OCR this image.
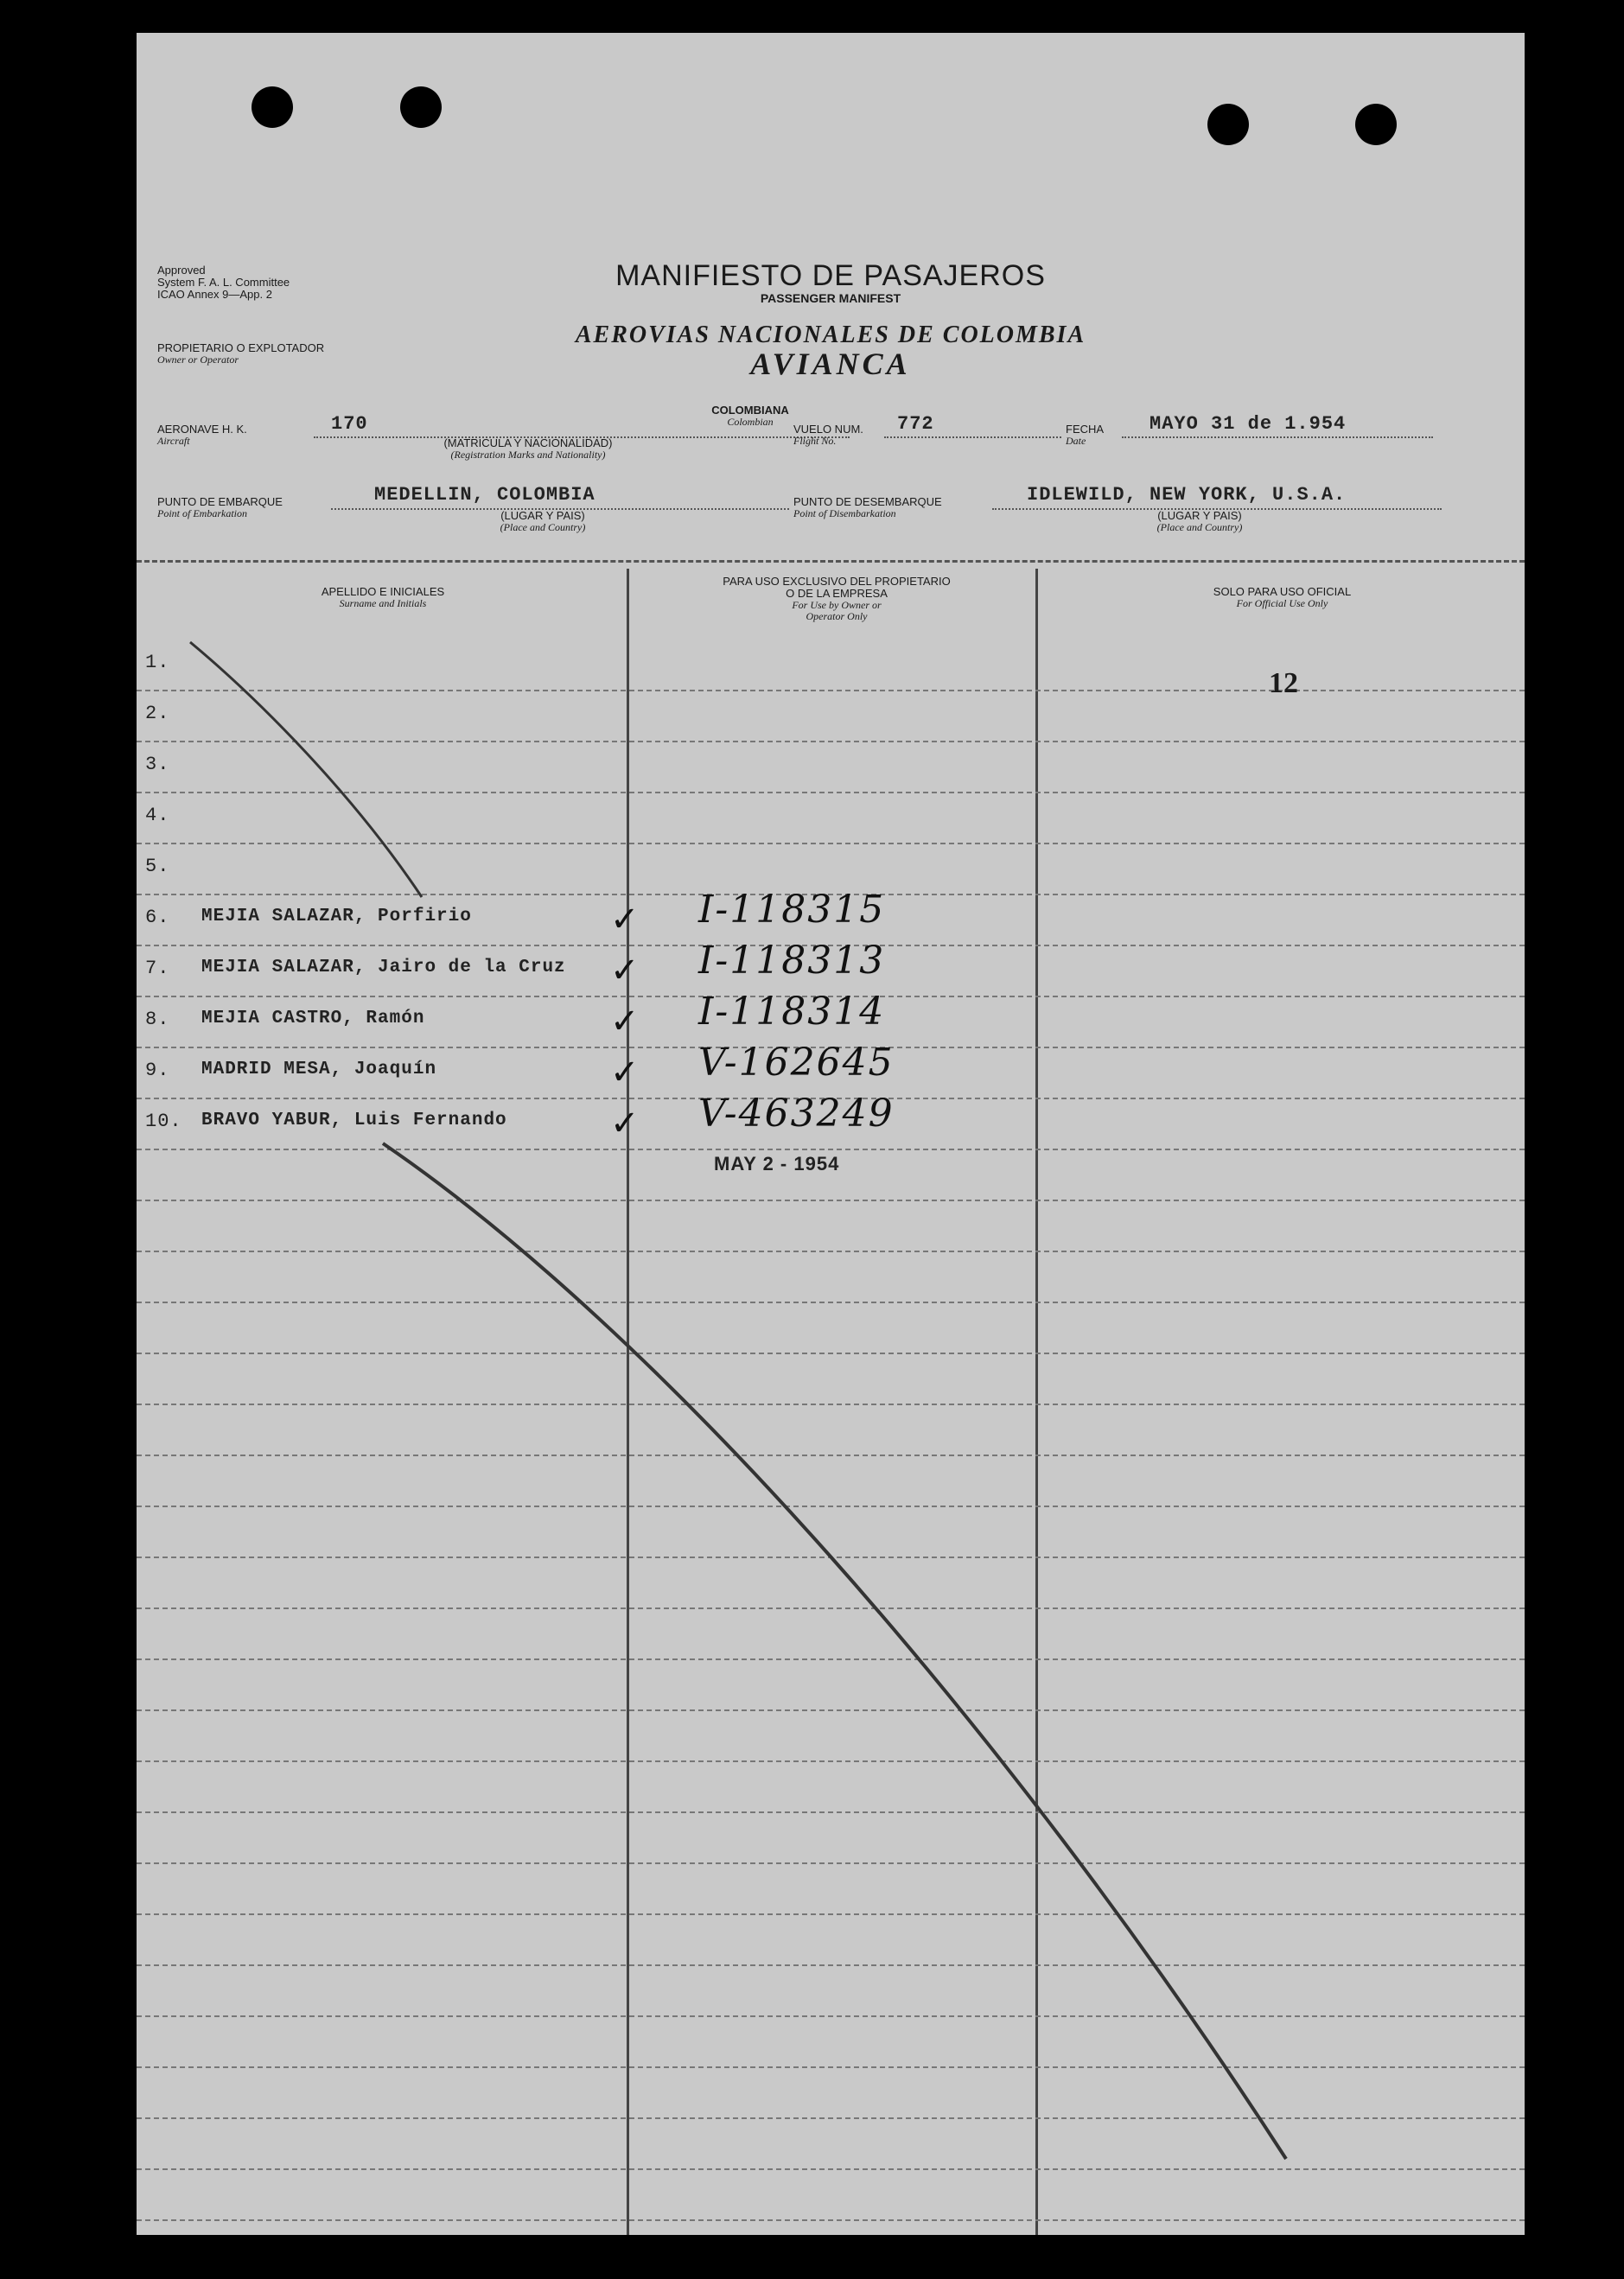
Approved
System F. A. L. Committee
ICAO Annex 9—App. 2
MANIFIESTO DE PASAJEROS
PASSENGER MANIFEST
PROPIETARIO O EXPLOTADOR
Owner or Operator
AEROVIAS NACIONALES DE COLOMBIA
AVIANCA
AERONAVE H. K.
Aircraft
170
COLOMBIANA
Colombian
(MATRICULA Y NACIONALIDAD)
(Registration Marks and Nationality)
VUELO NUM.
Flight No.
772	FECHA
Date
MAYO 31 de 1.954
PUNTO DE EMBARQUE
Point of Embarkation
MEDELLIN, COLOMBIA
(LUGAR Y PAIS)
(Place and Country)
PUNTO DE DESEMBARQUE
Point of Disembarkation
IDLEWILD, NEW YORK, U.S.A.
(LUGAR Y PAIS)
(Place and Country)
APELLIDO E INICIALES
Surname and Initials
PARA USO EXCLUSIVO DEL PROPIETARIO
O DE LA EMPRESA
For Use by Owner or
Operator Only
SOLO PARA USO OFICIAL
For Official Use Only
1.
2.
3.
4.
5.
6. MEJIA SALAZAR, Porfirio	✓ I-118315
7. MEJIA SALAZAR, Jairo de la Cruz ✓ I-118313
8. MEJIA CASTRO, Ramón	✓ I-118314
9. MADRID MESA, Joaquín	✓ V-162645
10. BRAVO YABUR, Luis Fernando	✓ V-463249
12
MAY 2 - 1954
